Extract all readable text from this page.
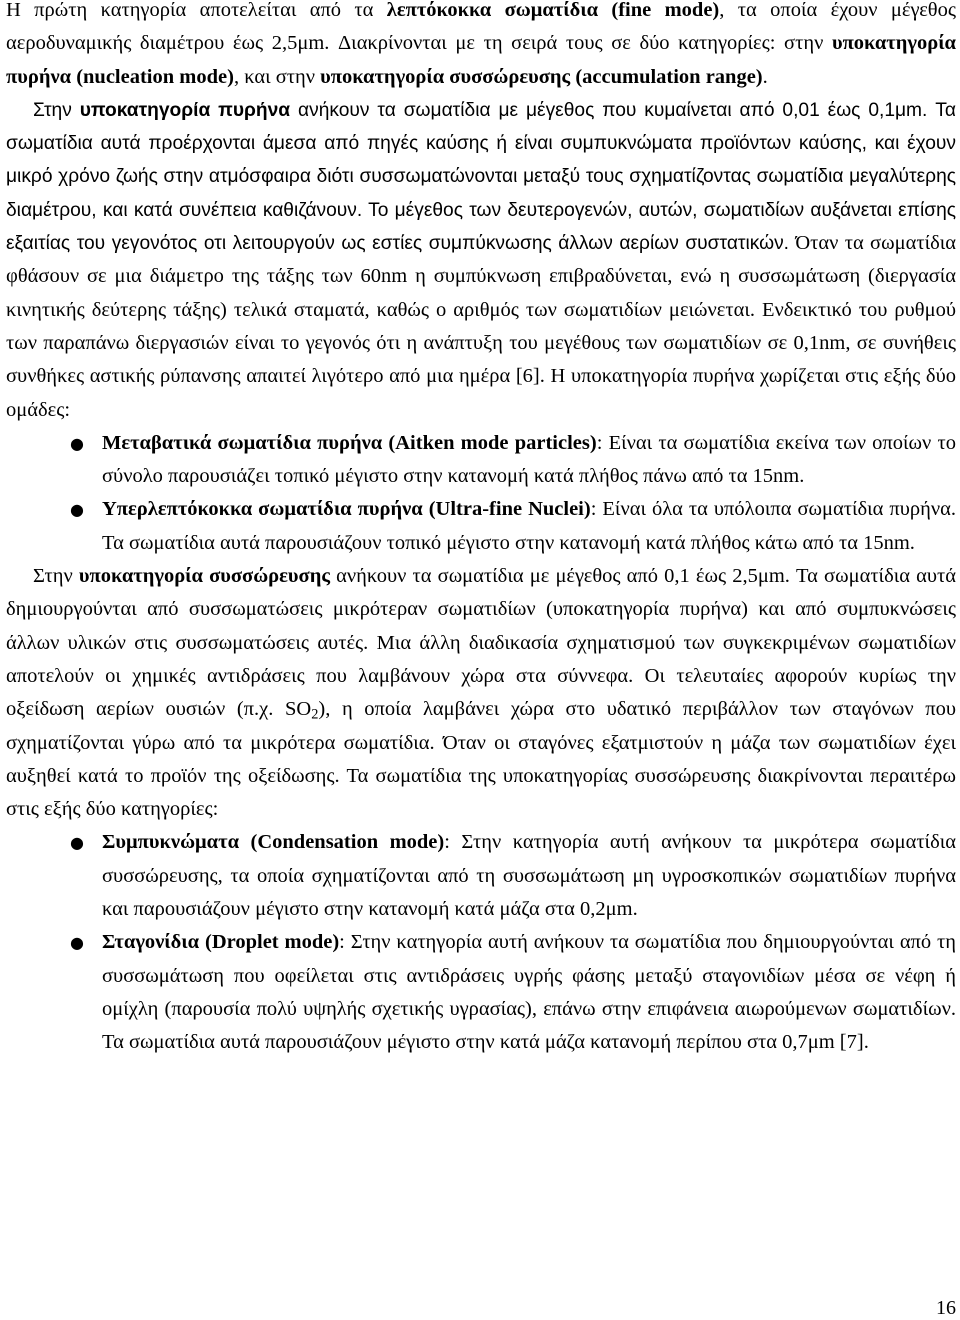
Η πρώτη κατηγορία αποτελείται από τα λεπτόκοκκα σωματίδια (fine mode), τα οποία έχουν μέγεθος αεροδυναμικής διαμέτρου έως 2,5μm. Διακρίνονται με τη σειρά τους σε δύο κατηγορίες: στην υποκατηγορία πυρήνα (nucleation mode), και στην υποκατηγορία συσσώρευσης (accumulation range).

Στην υποκατηγορία πυρήνα ανήκουν τα σωματίδια με μέγεθος που κυμαίνεται από 0,01 έως 0,1μm. Τα σωματίδια αυτά προέρχονται άμεσα από πηγές καύσης ή είναι συμπυκνώματα προϊόντων καύσης, και έχουν μικρό χρόνο ζωής στην ατμόσφαιρα διότι συσσωματώνονται μεταξύ τους σχηματίζοντας σωματίδια μεγαλύτερης διαμέτρου, και κατά συνέπεια καθιζάνουν. Το μέγεθος των δευτερογενών, αυτών, σωματιδίων αυξάνεται επίσης εξαιτίας του γεγονότος οτι λειτουργούν ως εστίες συμπύκνωσης άλλων αερίων συστατικών. Όταν τα σωματίδια φθάσουν σε μια διάμετρο της τάξης των 60nm η συμπύκνωση επιβραδύνεται, ενώ η συσσωμάτωση (διεργασία κινητικής δεύτερης τάξης) τελικά σταματά, καθώς ο αριθμός των σωματιδίων μειώνεται. Ενδεικτικό του ρυθμού των παραπάνω διεργασιών είναι το γεγονός ότι η ανάπτυξη του μεγέθους των σωματιδίων σε 0,1nm, σε συνήθεις συνθήκες αστικής ρύπανσης απαιτεί λιγότερο από μια ημέρα [6]. Η υποκατηγορία πυρήνα χωρίζεται στις εξής δύο ομάδες:

● Μεταβατικά σωματίδια πυρήνα (Aitken mode particles): Είναι τα σωματίδια εκείνα των οποίων το σύνολο παρουσιάζει τοπικό μέγιστο στην κατανομή κατά πλήθος πάνω από τα 15nm.
● Υπερλεπτόκοκκα σωματίδια πυρήνα (Ultra-fine Nuclei): Είναι όλα τα υπόλοιπα σωματίδια πυρήνα. Τα σωματίδια αυτά παρουσιάζουν τοπικό μέγιστο στην κατανομή κατά πλήθος κάτω από τα 15nm.

Στην υποκατηγορία συσσώρευσης ανήκουν τα σωματίδια με μέγεθος από 0,1 έως 2,5μm. Τα σωματίδια αυτά δημιουργούνται από συσσωματώσεις μικρότεραν σωματιδίων (υποκατηγορία πυρήνα) και από συμπυκνώσεις άλλων υλικών στις συσσωματώσεις αυτές. Μια άλλη διαδικασία σχηματισμού των συγκεκριμένων σωματιδίων αποτελούν οι χημικές αντιδράσεις που λαμβάνουν χώρα στα σύννεφα. Οι τελευταίες αφορούν κυρίως την οξείδωση αερίων ουσιών (π.χ. $SO_2$), η οποία λαμβάνει χώρα στο υδατικό περιβάλλον των σταγόνων που σχηματίζονται γύρω από τα μικρότερα σωματίδια. Όταν οι σταγόνες εξατμιστούν η μάζα των σωματιδίων έχει αυξηθεί κατά το προϊόν της οξείδωσης. Τα σωματίδια της υποκατηγορίας συσσώρευσης διακρίνονται περαιτέρω στις εξής δύο κατηγορίες:

● Συμπυκνώματα (Condensation mode): Στην κατηγορία αυτή ανήκουν τα μικρότερα σωματίδια συσσώρευσης, τα οποία σχηματίζονται από τη συσσωμάτωση μη υγροσκοπικών σωματιδίων πυρήνα και παρουσιάζουν μέγιστο στην κατανομή κατά μάζα στα 0,2μm.
● Σταγονίδια (Droplet mode): Στην κατηγορία αυτή ανήκουν τα σωματίδια που δημιουργούνται από τη συσσωμάτωση που οφείλεται στις αντιδράσεις υγρής φάσης μεταξύ σταγονιδίων μέσα σε νέφη ή ομίχλη (παρουσία πολύ υψηλής σχετικής υγρασίας), επάνω στην επιφάνεια αιωρούμενων σωματιδίων. Τα σωματίδια αυτά παρουσιάζουν μέγιστο στην κατά μάζα κατανομή περίπου στα 0,7μm [7].
16
